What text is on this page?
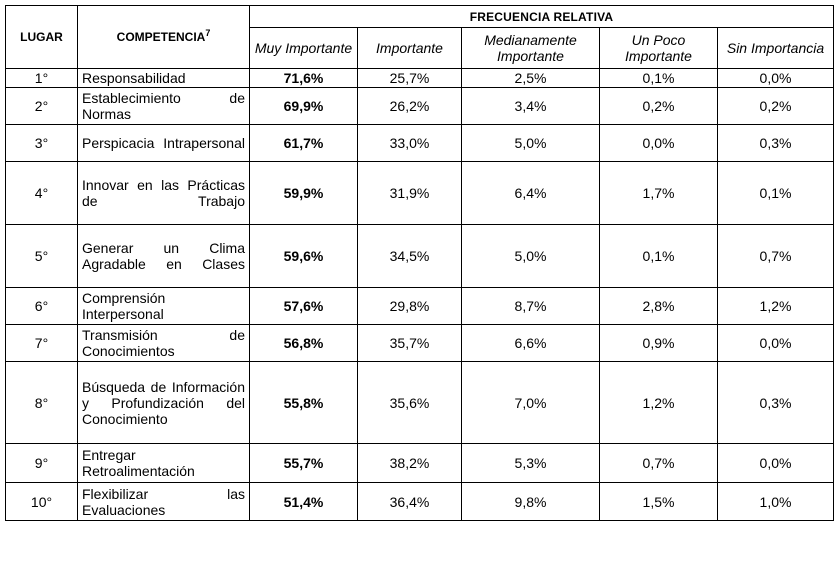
LUGAR	COMPETENCIA$^7$	FRECUENCIA RELATIVA				
		Muy Importante	Importante	Medianamente Importante	Un Poco Importante	Sin Importancia
1°	Responsabilidad	71,6%	25,7%	2,5%	0,1%	0,0%
2°	Establecimiento de Normas	69,9%	26,2%	3,4%	0,2%	0,2%
3°	Perspicacia Intrapersonal	61,7%	33,0%	5,0%	0,0%	0,3%
4°	Innovar en las Prácticas de Trabajo	59,9%	31,9%	6,4%	1,7%	0,1%
5°	Generar un Clima Agradable en Clases	59,6%	34,5%	5,0%	0,1%	0,7%
6°	Comprensión Interpersonal	57,6%	29,8%	8,7%	2,8%	1,2%
7°	Transmisión de Conocimientos	56,8%	35,7%	6,6%	0,9%	0,0%
8°	Búsqueda de Información y Profundización del Conocimiento	55,8%	35,6%	7,0%	1,2%	0,3%
9°	Entregar Retroalimentación	55,7%	38,2%	5,3%	0,7%	0,0%
10°	Flexibilizar las Evaluaciones	51,4%	36,4%	9,8%	1,5%	1,0%
